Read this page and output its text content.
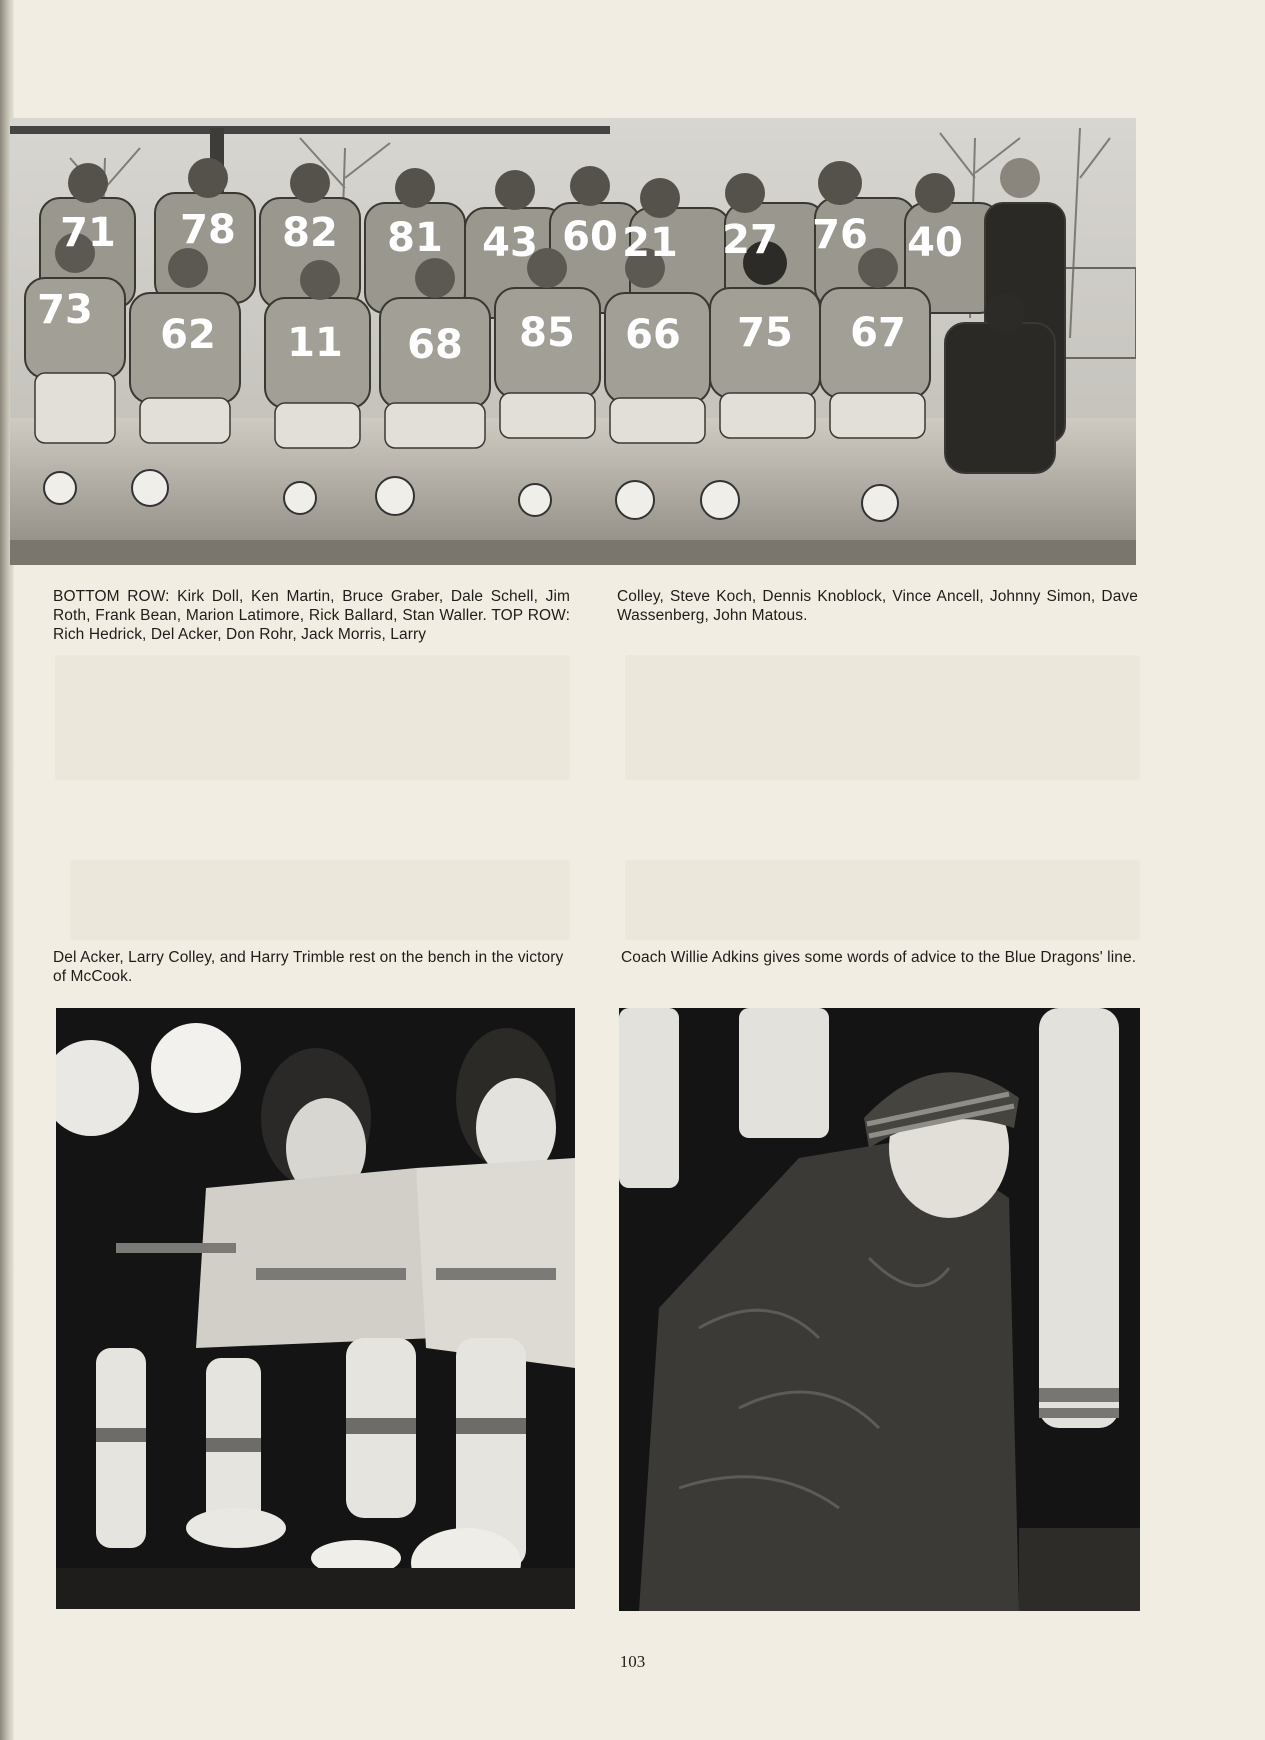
71 78 82 81 43 60 21 27 76 40
73
62 11 68 85 66 75 67

BOTTOM ROW: Kirk Doll, Ken Martin, Bruce Graber, Dale Schell, Jim Roth, Frank Bean, Marion Latimore, Rick Ballard, Stan Waller. TOP ROW: Rich Hedrick, Del Acker, Don Rohr, Jack Morris, Larry

Colley, Steve Koch, Dennis Knoblock, Vince Ancell, Johnny Simon, Dave Wassenberg, John Matous.

Del Acker, Larry Colley, and Harry Trimble rest on the bench in the victory of McCook.

Coach Willie Adkins gives some words of advice to the Blue Dragons' line.

103
